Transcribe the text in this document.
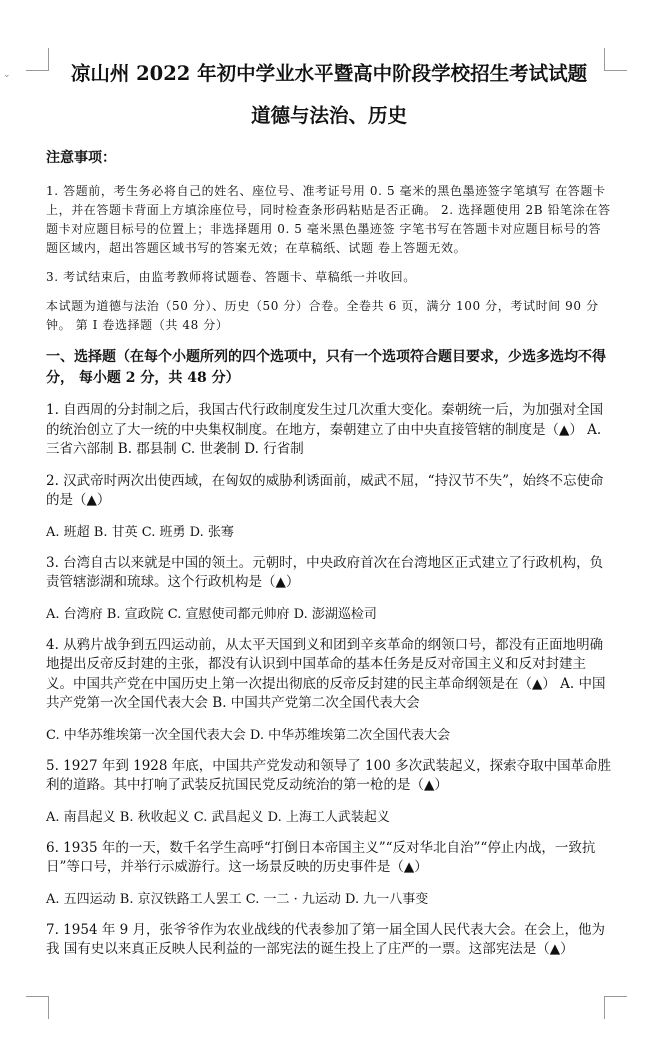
⌄	凉山州 2022 年初中学业水平暨高中阶段学校招生考试试题
道德与法治、历史

注意事项：

1. 答题前，考生务必将自己的姓名、座位号、准考证号用 0. 5 毫米的黑色墨迹签字笔填写 在答题卡上，并在答题卡背面上方填涂座位号，同时检查条形码粘贴是否正确。 2. 选择题使用 2B 铅笔涂在答题卡对应题目标号的位置上；非选择题用 0. 5 毫米黑色墨迹签 字笔书写在答题卡对应题目标号的答题区域内，超出答题区域书写的答案无效；在草稿纸、试题 卷上答题无效。

3. 考试结束后，由监考教师将试题卷、答题卡、草稿纸一并收回。

本试题为道德与法治（50 分）、历史（50 分）合卷。全卷共 6 页，满分 100 分，考试时间 90 分钟。 第 I 卷选择题（共 48 分）

一、选择题（在每个小题所列的四个选项中，只有一个选项符合题目要求，少选多选均不得分， 每小题 2 分，共 48 分）

1. 自西周的分封制之后，我国古代行政制度发生过几次重大变化。秦朝统一后，为加强对全国的统治创立了大一统的中央集权制度。在地方，秦朝建立了由中央直接管辖的制度是（▲） A. 三省六部制 B. 郡县制 C. 世袭制 D. 行省制

2. 汉武帝时两次出使西域，在匈奴的威胁利诱面前，威武不屈，“持汉节不失”，始终不忘使命的是（▲）

A. 班超 B. 甘英 C. 班勇 D. 张骞

3. 台湾自古以来就是中国的领土。元朝时，中央政府首次在台湾地区正式建立了行政机构，负 责管辖澎湖和琉球。这个行政机构是（▲）

A. 台湾府 B. 宣政院 C. 宣慰使司都元帅府 D. 澎湖巡检司

4. 从鸦片战争到五四运动前，从太平天国到义和团到辛亥革命的纲领口号，都没有正面地明确地提出反帝反封建的主张，都没有认识到中国革命的基本任务是反对帝国主义和反对封建主义。中国共产党在中国历史上第一次提出彻底的反帝反封建的民主革命纲领是在（▲） A. 中国共产党第一次全国代表大会 B. 中国共产党第二次全国代表大会

C. 中华苏维埃第一次全国代表大会 D. 中华苏维埃第二次全国代表大会

5. 1927 年到 1928 年底，中国共产党发动和领导了 100 多次武装起义，探索夺取中国革命胜利的道路。其中打响了武装反抗国民党反动统治的第一枪的是（▲）

A. 南昌起义 B. 秋收起义 C. 武昌起义 D. 上海工人武装起义

6. 1935 年的一天，数千名学生高呼“打倒日本帝国主义”“反对华北自治”“停止内战，一致抗日”等口号，并举行示威游行。这一场景反映的历史事件是（▲）

A. 五四运动 B. 京汉铁路工人罢工 C. 一二 · 九运动 D. 九一八事变

7. 1954 年 9 月，张爷爷作为农业战线的代表参加了第一届全国人民代表大会。在会上，他为我 国有史以来真正反映人民利益的一部宪法的诞生投上了庄严的一票。这部宪法是（▲）
